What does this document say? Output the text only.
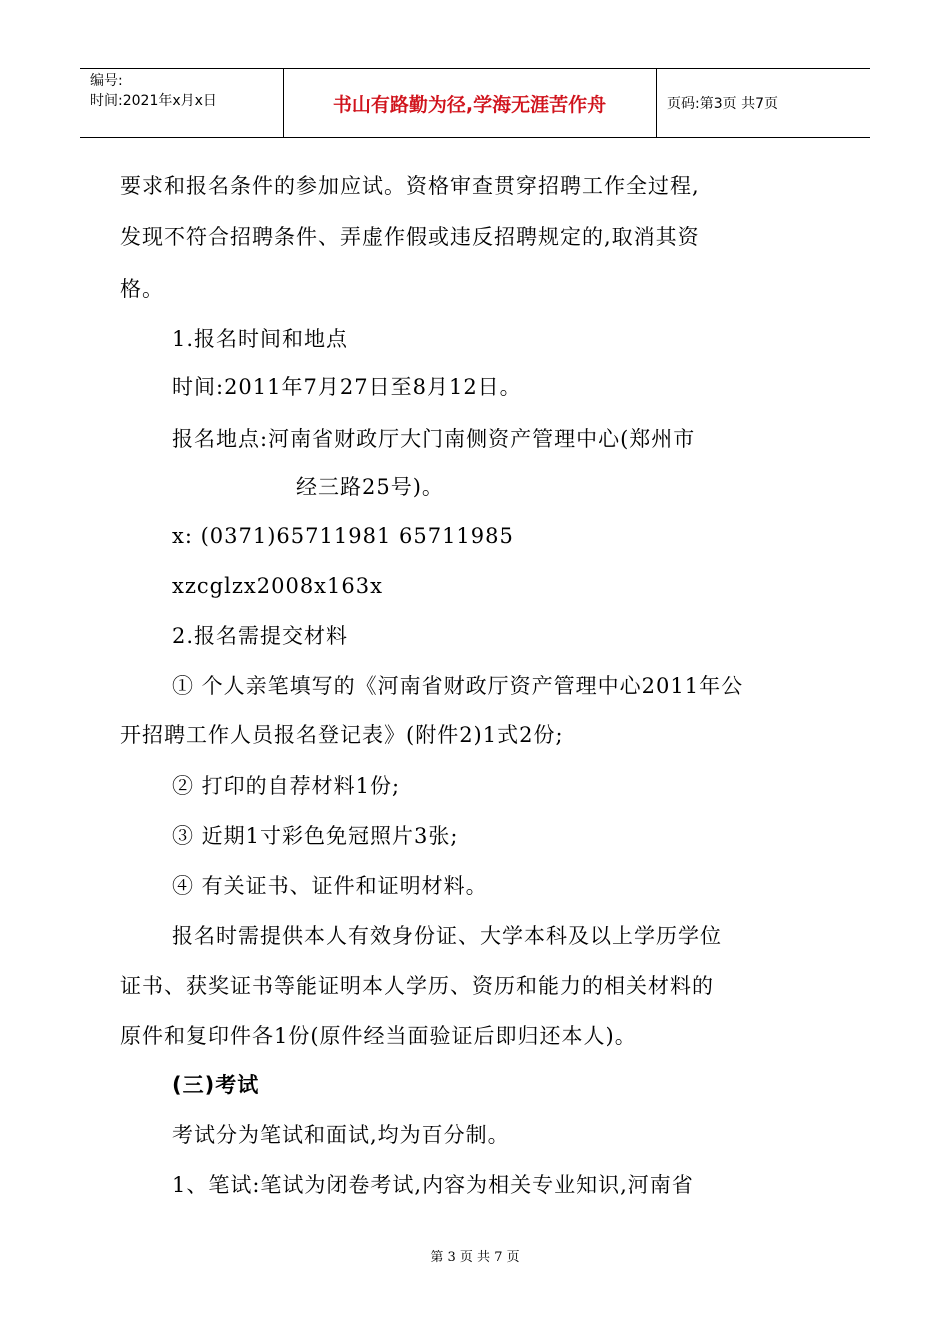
编号:
时间:2021年x月x日	书山有路勤为径,学海无涯苦作舟	页码:第3页 共7页
要求和报名条件的参加应试。资格审查贯穿招聘工作全过程,
发现不符合招聘条件、弄虚作假或违反招聘规定的,取消其资
格。
1.报名时间和地点
时间:2011年7月27日至8月12日。
报名地点:河南省财政厅大门南侧资产管理中心(郑州市
经三路25号)。
x: (0371)65711981 65711985
xzcglzx2008x163x
2.报名需提交材料
① 个人亲笔填写的《河南省财政厅资产管理中心2011年公
开招聘工作人员报名登记表》(附件2)1式2份;
② 打印的自荐材料1份;
③ 近期1寸彩色免冠照片3张;
④ 有关证书、证件和证明材料。
报名时需提供本人有效身份证、大学本科及以上学历学位
证书、获奖证书等能证明本人学历、资历和能力的相关材料的
原件和复印件各1份(原件经当面验证后即归还本人)。
(三)考试
考试分为笔试和面试,均为百分制。
1、笔试:笔试为闭卷考试,内容为相关专业知识,河南省
第 3 页 共 7 页
